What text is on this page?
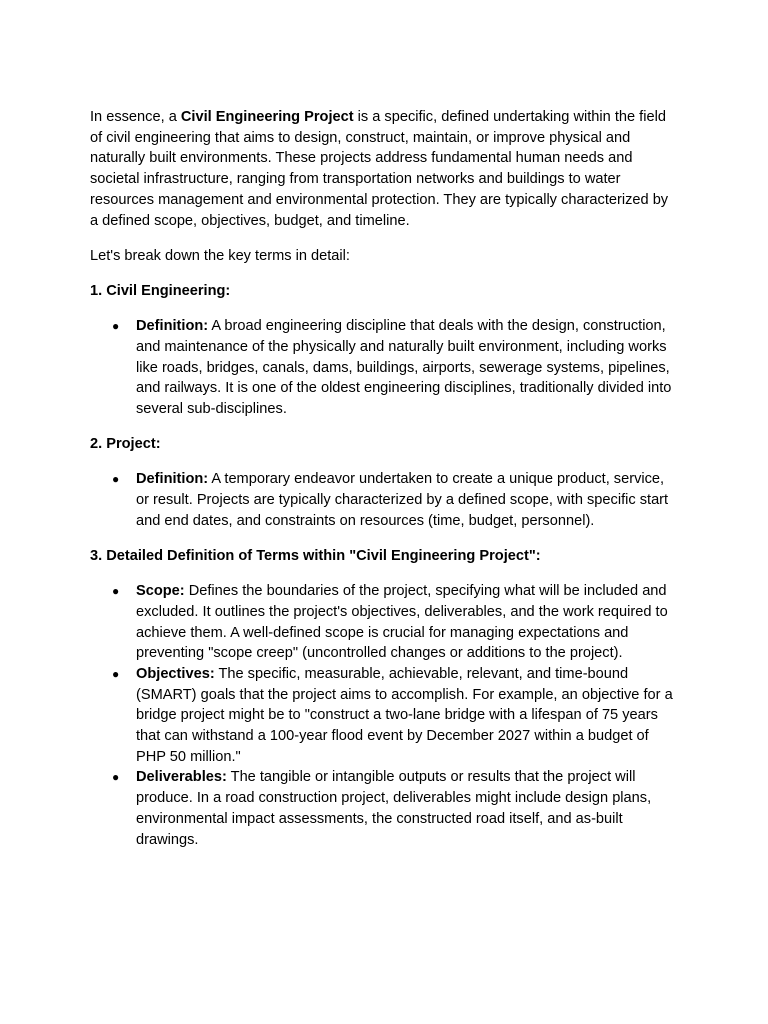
In essence, a Civil Engineering Project is a specific, defined undertaking within the field of civil engineering that aims to design, construct, maintain, or improve physical and naturally built environments. These projects address fundamental human needs and societal infrastructure, ranging from transportation networks and buildings to water resources management and environmental protection. They are typically characterized by a defined scope, objectives, budget, and timeline.

Let's break down the key terms in detail:

1. Civil Engineering:

● Definition: A broad engineering discipline that deals with the design, construction, and maintenance of the physically and naturally built environment, including works like roads, bridges, canals, dams, buildings, airports, sewerage systems, pipelines, and railways. It is one of the oldest engineering disciplines, traditionally divided into several sub-disciplines.

2. Project:

● Definition: A temporary endeavor undertaken to create a unique product, service, or result. Projects are typically characterized by a defined scope, with specific start and end dates, and constraints on resources (time, budget, personnel).

3. Detailed Definition of Terms within "Civil Engineering Project":

● Scope: Defines the boundaries of the project, specifying what will be included and excluded. It outlines the project's objectives, deliverables, and the work required to achieve them. A well-defined scope is crucial for managing expectations and preventing "scope creep" (uncontrolled changes or additions to the project).
● Objectives: The specific, measurable, achievable, relevant, and time-bound (SMART) goals that the project aims to accomplish. For example, an objective for a bridge project might be to "construct a two-lane bridge with a lifespan of 75 years that can withstand a 100-year flood event by December 2027 within a budget of PHP 50 million."
● Deliverables: The tangible or intangible outputs or results that the project will produce. In a road construction project, deliverables might include design plans, environmental impact assessments, the constructed road itself, and as-built drawings.
